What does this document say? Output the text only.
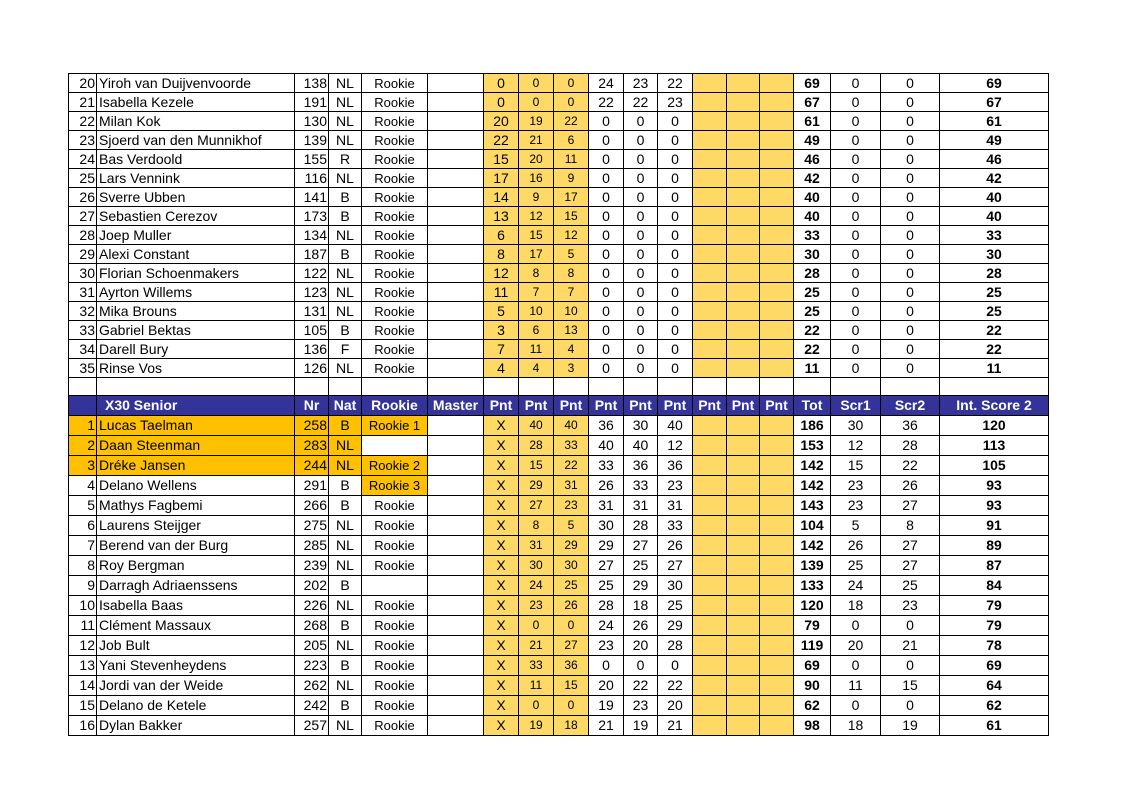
20	Yiroh van Duijvenvoorde	138	NL	Rookie		0	0	0	24	23	22				69	0	0	69
21	Isabella Kezele	191	NL	Rookie		0	0	0	22	22	23				67	0	0	67
22	Milan Kok	130	NL	Rookie		20	19	22	0	0	0				61	0	0	61
23	Sjoerd van den Munnikhof	139	NL	Rookie		22	21	6	0	0	0				49	0	0	49
24	Bas Verdoold	155	R	Rookie		15	20	11	0	0	0				46	0	0	46
25	Lars Vennink	116	NL	Rookie		17	16	9	0	0	0				42	0	0	42
26	Sverre Ubben	141	B	Rookie		14	9	17	0	0	0				40	0	0	40
27	Sebastien Cerezov	173	B	Rookie		13	12	15	0	0	0				40	0	0	40
28	Joep Muller	134	NL	Rookie		6	15	12	0	0	0				33	0	0	33
29	Alexi Constant	187	B	Rookie		8	17	5	0	0	0				30	0	0	30
30	Florian Schoenmakers	122	NL	Rookie		12	8	8	0	0	0				28	0	0	28
31	Ayrton Willems	123	NL	Rookie		11	7	7	0	0	0				25	0	0	25
32	Mika Brouns	131	NL	Rookie		5	10	10	0	0	0				25	0	0	25
33	Gabriel Bektas	105	B	Rookie		3	6	13	0	0	0				22	0	0	22
34	Darell Bury	136	F	Rookie		7	11	4	0	0	0				22	0	0	22
35	Rinse Vos	126	NL	Rookie		4	4	3	0	0	0				11	0	0	11

	X30 Senior	Nr	Nat	Rookie	Master	Pnt	Pnt	Pnt	Pnt	Pnt	Pnt	Pnt	Pnt	Pnt	Tot	Scr1	Scr2	Int. Score 2
1	Lucas Taelman	258	B	Rookie 1		X	40	40	36	30	40				186	30	36	120
2	Daan Steenman	283	NL			X	28	33	40	40	12				153	12	28	113
3	Dréke Jansen	244	NL	Rookie 2		X	15	22	33	36	36				142	15	22	105
4	Delano Wellens	291	B	Rookie 3		X	29	31	26	33	23				142	23	26	93
5	Mathys Fagbemi	266	B	Rookie		X	27	23	31	31	31				143	23	27	93
6	Laurens Steijger	275	NL	Rookie		X	8	5	30	28	33				104	5	8	91
7	Berend van der Burg	285	NL	Rookie		X	31	29	29	27	26				142	26	27	89
8	Roy Bergman	239	NL	Rookie		X	30	30	27	25	27				139	25	27	87
9	Darragh Adriaenssens	202	B			X	24	25	25	29	30				133	24	25	84
10	Isabella Baas	226	NL	Rookie		X	23	26	28	18	25				120	18	23	79
11	Clément Massaux	268	B	Rookie		X	0	0	24	26	29				79	0	0	79
12	Job Bult	205	NL	Rookie		X	21	27	23	20	28				119	20	21	78
13	Yani Stevenheydens	223	B	Rookie		X	33	36	0	0	0				69	0	0	69
14	Jordi van der Weide	262	NL	Rookie		X	11	15	20	22	22				90	11	15	64
15	Delano de Ketele	242	B	Rookie		X	0	0	19	23	20				62	0	0	62
16	Dylan Bakker	257	NL	Rookie		X	19	18	21	19	21				98	18	19	61
